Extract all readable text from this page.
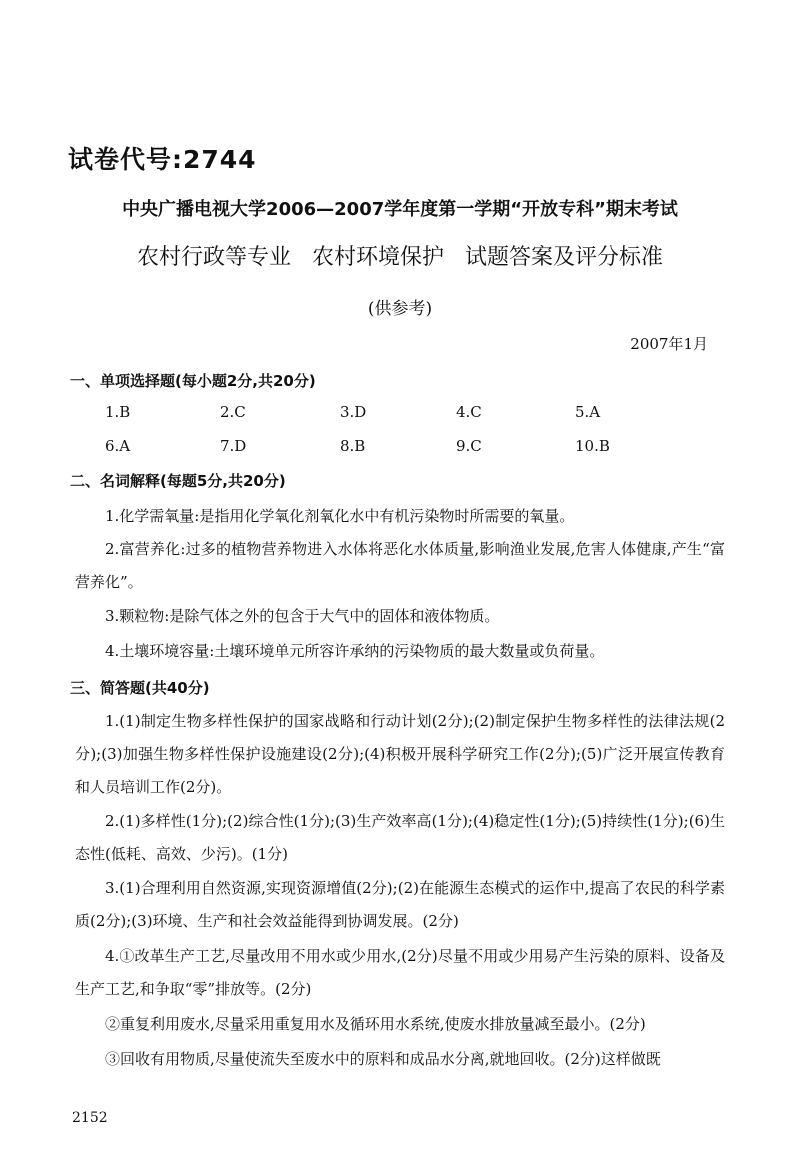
试卷代号:2744
中央广播电视大学2006—2007学年度第一学期“开放专科”期末考试
农村行政等专业   农村环境保护   试题答案及评分标准
(供参考)
2007年1月
一、单项选择题(每小题2分,共20分)
1.B	2.C	3.D	4.C	5.A
6.A	7.D	8.B	9.C	10.B
二、名词解释(每题5分,共20分)
1.化学需氧量:是指用化学氧化剂氧化水中有机污染物时所需要的氧量。
2.富营养化:过多的植物营养物进入水体将恶化水体质量,影响渔业发展,危害人体健康,产生“富营养化”。
3.颗粒物:是除气体之外的包含于大气中的固体和液体物质。
4.土壤环境容量:土壤环境单元所容许承纳的污染物质的最大数量或负荷量。
三、简答题(共40分)
1.(1)制定生物多样性保护的国家战略和行动计划(2分);(2)制定保护生物多样性的法律法规(2分);(3)加强生物多样性保护设施建设(2分);(4)积极开展科学研究工作(2分);(5)广泛开展宣传教育和人员培训工作(2分)。
2.(1)多样性(1分);(2)综合性(1分);(3)生产效率高(1分);(4)稳定性(1分);(5)持续性(1分);(6)生态性(低耗、高效、少污)。(1分)
3.(1)合理利用自然资源,实现资源增值(2分);(2)在能源生态模式的运作中,提高了农民的科学素质(2分);(3)环境、生产和社会效益能得到协调发展。(2分)
4.①改革生产工艺,尽量改用不用水或少用水,(2分)尽量不用或少用易产生污染的原料、设备及生产工艺,和争取“零”排放等。(2分)
②重复利用废水,尽量采用重复用水及循环用水系统,使废水排放量减至最小。(2分)
③回收有用物质,尽量使流失至废水中的原料和成品水分离,就地回收。(2分)这样做既
2152
